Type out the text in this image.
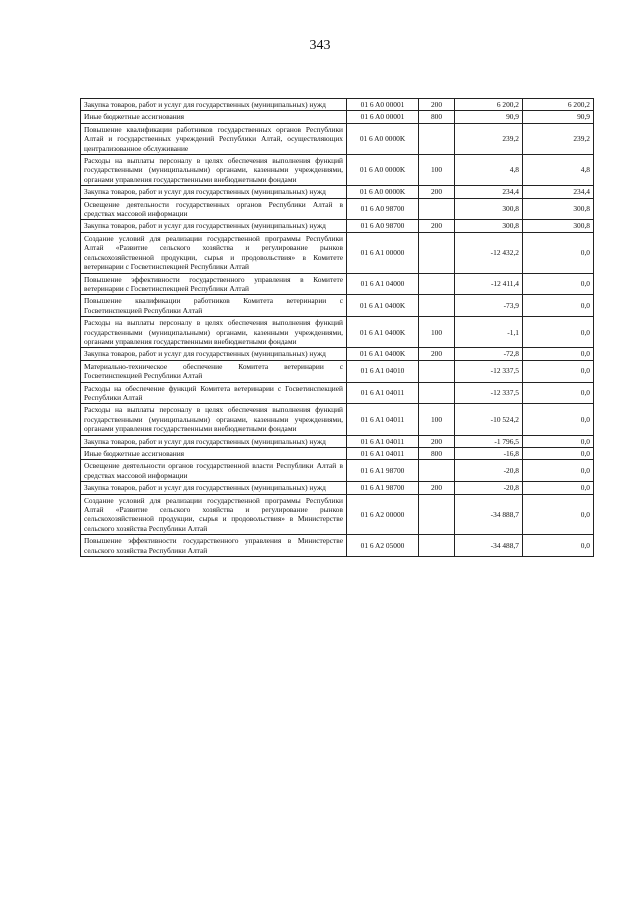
343
Закупка товаров, работ и услуг для государственных (муниципальных) нужд	01 6 A0 00001	200	6 200,2	6 200,2
Иные бюджетные ассигнования	01 6 A0 00001	800	90,9	90,9
Повышение квалификации работников государственных органов Республики Алтай и государственных учреждений Республики Алтай, осуществляющих централизованное обслуживание	01 6 A0 0000K		239,2	239,2
Расходы на выплаты персоналу в целях обеспечения выполнения функций государственными (муниципальными) органами, казенными учреждениями, органами управления государственными внебюджетными фондами	01 6 A0 0000K	100	4,8	4,8
Закупка товаров, работ и услуг для государственных (муниципальных) нужд	01 6 A0 0000K	200	234,4	234,4
Освещение деятельности государственных органов Республики Алтай в средствах массовой информации	01 6 A0 98700		300,8	300,8
Закупка товаров, работ и услуг для государственных (муниципальных) нужд	01 6 A0 98700	200	300,8	300,8
Создание условий для реализации государственной программы Республики Алтай «Развитие сельского хозяйства и регулирование рынков сельскохозяйственной продукции, сырья и продовольствия» в Комитете ветеринарии с Госветинспекцией Республики Алтай	01 6 A1 00000		-12 432,2	0,0
Повышение эффективности государственного управления в Комитете ветеринарии с Госветинспекцией Республики Алтай	01 6 A1 04000		-12 411,4	0,0
Повышение квалификации работников Комитета ветеринарии с Госветинспекцией Республики Алтай	01 6 A1 0400K		-73,9	0,0
Расходы на выплаты персоналу в целях обеспечения выполнения функций государственными (муниципальными) органами, казенными учреждениями, органами управления государственными внебюджетными фондами	01 6 A1 0400K	100	-1,1	0,0
Закупка товаров, работ и услуг для государственных (муниципальных) нужд	01 6 A1 0400K	200	-72,8	0,0
Материально-техническое обеспечение Комитета ветеринарии с Госветинспекцией Республики Алтай	01 6 A1 04010		-12 337,5	0,0
Расходы на обеспечение функций Комитета ветеринарии с Госветинспекцией Республики Алтай	01 6 A1 04011		-12 337,5	0,0
Расходы на выплаты персоналу в целях обеспечения выполнения функций государственными (муниципальными) органами, казенными учреждениями, органами управления государственными внебюджетными фондами	01 6 A1 04011	100	-10 524,2	0,0
Закупка товаров, работ и услуг для государственных (муниципальных) нужд	01 6 A1 04011	200	-1 796,5	0,0
Иные бюджетные ассигнования	01 6 A1 04011	800	-16,8	0,0
Освещение деятельности органов государственной власти Республики Алтай в средствах массовой информации	01 6 A1 98700		-20,8	0,0
Закупка товаров, работ и услуг для государственных (муниципальных) нужд	01 6 A1 98700	200	-20,8	0,0
Создание условий для реализации государственной программы Республики Алтай «Развитие сельского хозяйства и регулирование рынков сельскохозяйственной продукции, сырья и продовольствия» в Министерстве сельского хозяйства Республики Алтай	01 6 A2 00000		-34 888,7	0,0
Повышение эффективности государственного управления в Министерстве сельского хозяйства Республики Алтай	01 6 A2 05000		-34 488,7	0,0
